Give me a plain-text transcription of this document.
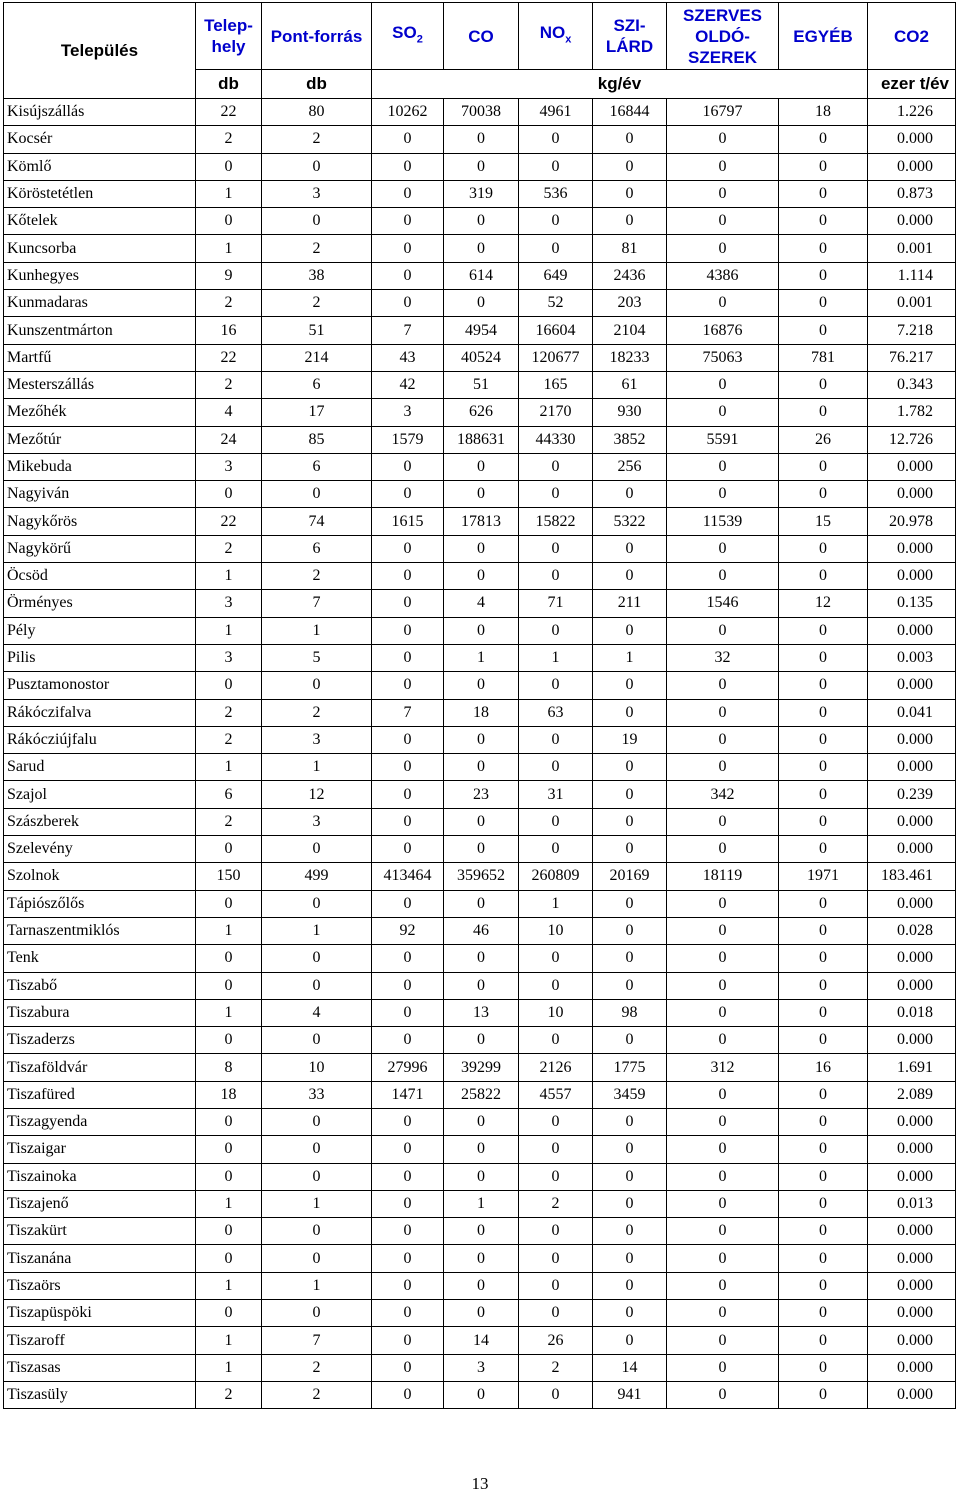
Település	Telep-hely	Pont-forrás	$SO_2$	CO	$NO_x$	SZI-LÁRD	SZERVES OLDÓ-SZEREK	EGYÉB	CO2
	db	db	kg/év						ezer t/év
Kisújszállás	22	80	10262	70038	4961	16844	16797	18	1.226
Kocsér	2	2	0	0	0	0	0	0	0.000
Kömlő	0	0	0	0	0	0	0	0	0.000
Köröstetétlen	1	3	0	319	536	0	0	0	0.873
Kőtelek	0	0	0	0	0	0	0	0	0.000
Kuncsorba	1	2	0	0	0	81	0	0	0.001
Kunhegyes	9	38	0	614	649	2436	4386	0	1.114
Kunmadaras	2	2	0	0	52	203	0	0	0.001
Kunszentmárton	16	51	7	4954	16604	2104	16876	0	7.218
Martfű	22	214	43	40524	120677	18233	75063	781	76.217
Mesterszállás	2	6	42	51	165	61	0	0	0.343
Mezőhék	4	17	3	626	2170	930	0	0	1.782
Mezőtúr	24	85	1579	188631	44330	3852	5591	26	12.726
Mikebuda	3	6	0	0	0	256	0	0	0.000
Nagyiván	0	0	0	0	0	0	0	0	0.000
Nagykőrös	22	74	1615	17813	15822	5322	11539	15	20.978
Nagykörű	2	6	0	0	0	0	0	0	0.000
Öcsöd	1	2	0	0	0	0	0	0	0.000
Örményes	3	7	0	4	71	211	1546	12	0.135
Pély	1	1	0	0	0	0	0	0	0.000
Pilis	3	5	0	1	1	1	32	0	0.003
Pusztamonostor	0	0	0	0	0	0	0	0	0.000
Rákóczifalva	2	2	7	18	63	0	0	0	0.041
Rákócziújfalu	2	3	0	0	0	19	0	0	0.000
Sarud	1	1	0	0	0	0	0	0	0.000
Szajol	6	12	0	23	31	0	342	0	0.239
Szászberek	2	3	0	0	0	0	0	0	0.000
Szelevény	0	0	0	0	0	0	0	0	0.000
Szolnok	150	499	413464	359652	260809	20169	18119	1971	183.461
Tápiószőlős	0	0	0	0	1	0	0	0	0.000
Tarnaszentmiklós	1	1	92	46	10	0	0	0	0.028
Tenk	0	0	0	0	0	0	0	0	0.000
Tiszabő	0	0	0	0	0	0	0	0	0.000
Tiszabura	1	4	0	13	10	98	0	0	0.018
Tiszaderzs	0	0	0	0	0	0	0	0	0.000
Tiszaföldvár	8	10	27996	39299	2126	1775	312	16	1.691
Tiszafüred	18	33	1471	25822	4557	3459	0	0	2.089
Tiszagyenda	0	0	0	0	0	0	0	0	0.000
Tiszaigar	0	0	0	0	0	0	0	0	0.000
Tiszainoka	0	0	0	0	0	0	0	0	0.000
Tiszajenő	1	1	0	1	2	0	0	0	0.013
Tiszakürt	0	0	0	0	0	0	0	0	0.000
Tiszanána	0	0	0	0	0	0	0	0	0.000
Tiszaörs	1	1	0	0	0	0	0	0	0.000
Tiszapüspöki	0	0	0	0	0	0	0	0	0.000
Tiszaroff	1	7	0	14	26	0	0	0	0.000
Tiszasas	1	2	0	3	2	14	0	0	0.000
Tiszasüly	2	2	0	0	0	941	0	0	0.000
13
